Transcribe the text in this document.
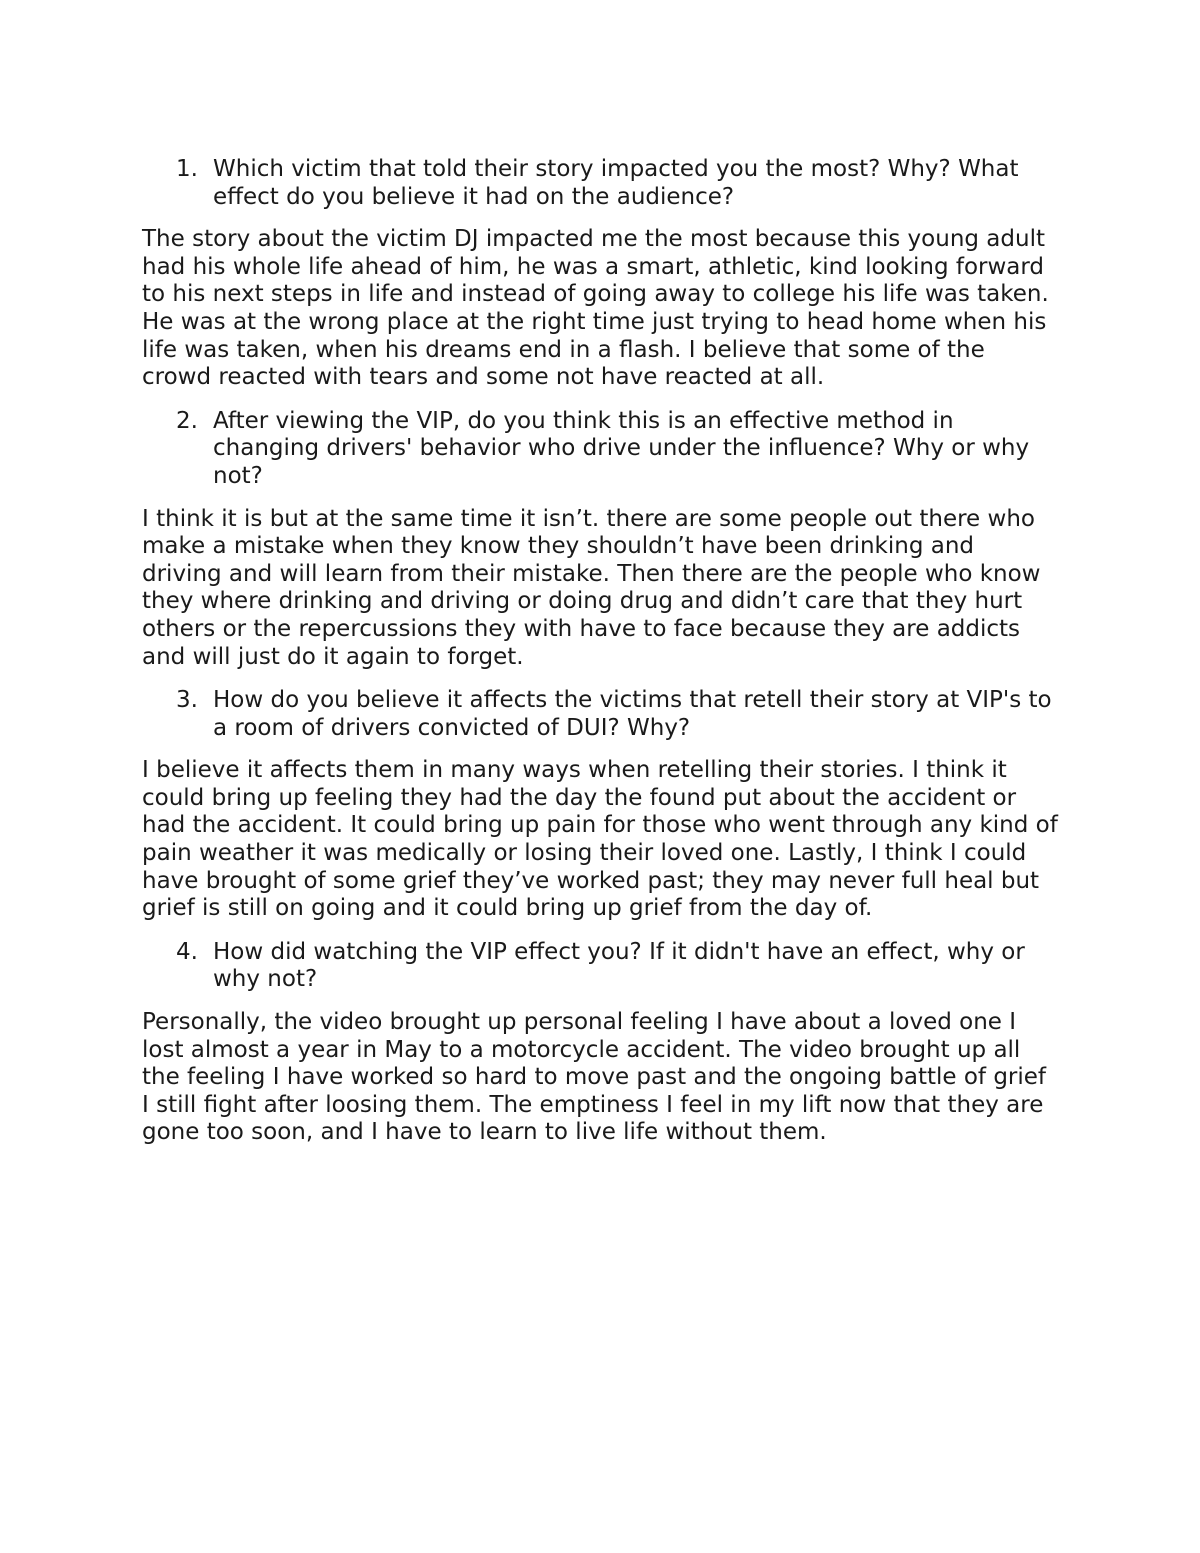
1. Which victim that told their story impacted you the most? Why? What effect do you believe it had on the audience?

The story about the victim DJ impacted me the most because this young adult had his whole life ahead of him, he was a smart, athletic, kind looking forward to his next steps in life and instead of going away to college his life was taken. He was at the wrong place at the right time just trying to head home when his life was taken, when his dreams end in a flash. I believe that some of the crowd reacted with tears and some not have reacted at all.

2. After viewing the VIP, do you think this is an effective method in changing drivers' behavior who drive under the influence? Why or why not?

I think it is but at the same time it isn’t. there are some people out there who make a mistake when they know they shouldn’t have been drinking and driving and will learn from their mistake. Then there are the people who know they where drinking and driving or doing drug and didn’t care that they hurt others or the repercussions they with have to face because they are addicts and will just do it again to forget.

3. How do you believe it affects the victims that retell their story at VIP's to a room of drivers convicted of DUI? Why?

I believe it affects them in many ways when retelling their stories. I think it could bring up feeling they had the day the found put about the accident or had the accident. It could bring up pain for those who went through any kind of pain weather it was medically or losing their loved one. Lastly, I think I could have brought of some grief they’ve worked past; they may never full heal but grief is still on going and it could bring up grief from the day of.

4. How did watching the VIP effect you? If it didn't have an effect, why or why not?

Personally, the video brought up personal feeling I have about a loved one I lost almost a year in May to a motorcycle accident. The video brought up all the feeling I have worked so hard to move past and the ongoing battle of grief I still fight after loosing them. The emptiness I feel in my lift now that they are gone too soon, and I have to learn to live life without them.
